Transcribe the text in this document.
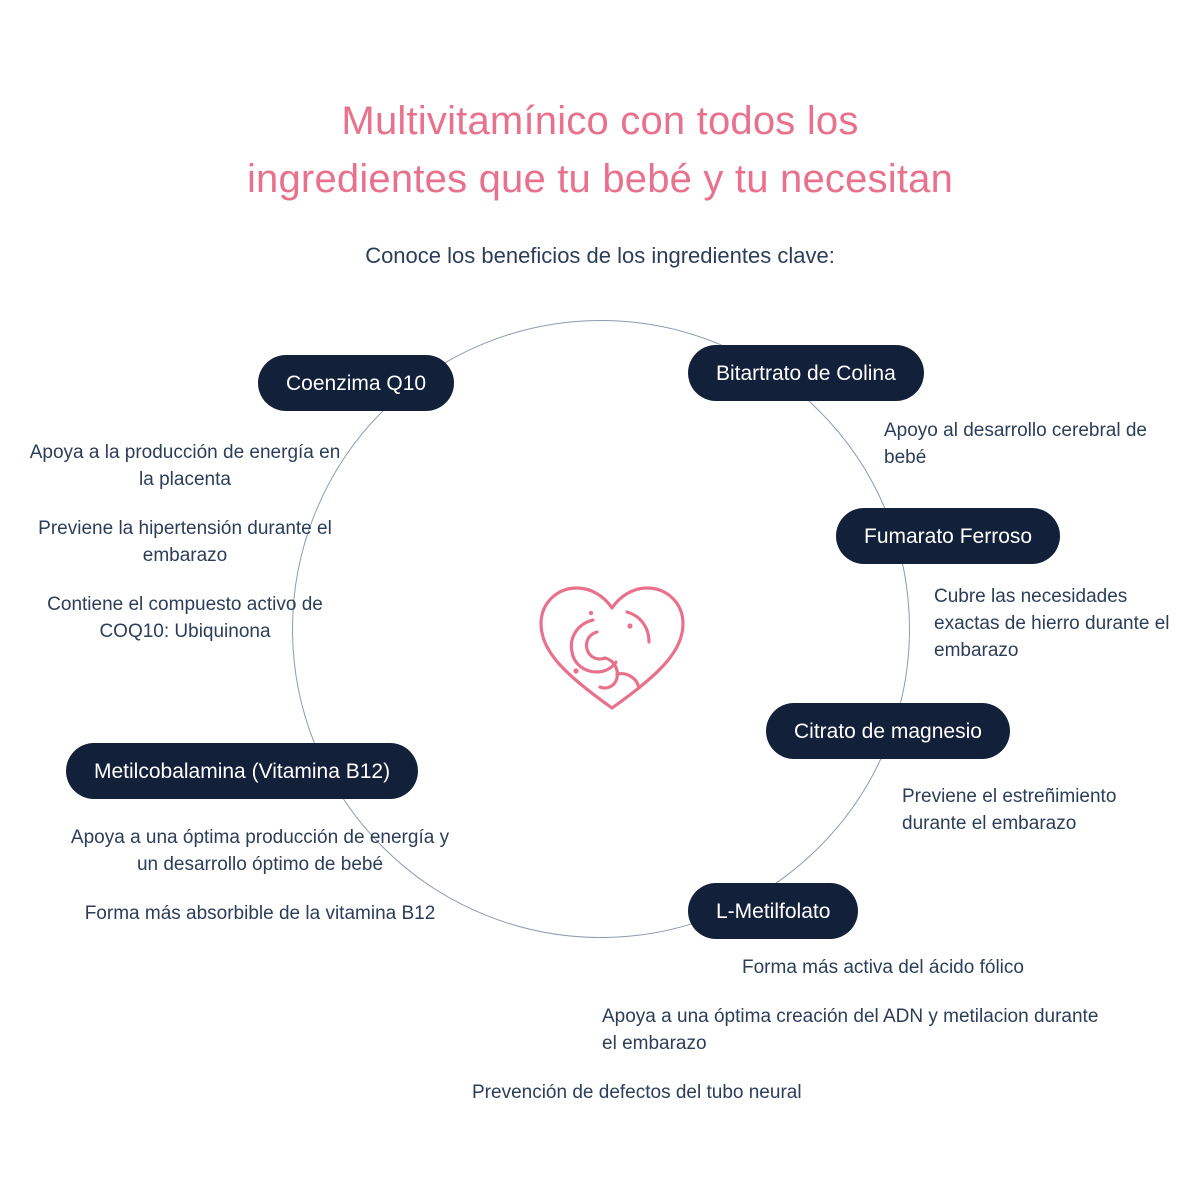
Multivitamínico con todos los
ingredientes que tu bebé y tu necesitan
Conoce los beneficios de los ingredientes clave:
Coenzima Q10	Bitartrato de Colina
Fumarato Ferroso
Citrato de magnesio
L-Metilfolato
Metilcobalamina (Vitamina B12)

Apoya a la producción de energía en la placenta

Previene la hipertensión durante el embarazo

Contiene el compuesto activo de COQ10: Ubiquinona

Apoyo al desarrollo cerebral de bebé

Cubre las necesidades exactas de hierro durante el embarazo

Previene el estreñimiento durante el embarazo

Forma más activa del ácido fólico

Apoya a una óptima creación del ADN y metilacion durante el embarazo

Prevención de defectos del tubo neural

Apoya a una óptima producción de energía y un desarrollo óptimo de bebé

Forma más absorbible de la vitamina B12
